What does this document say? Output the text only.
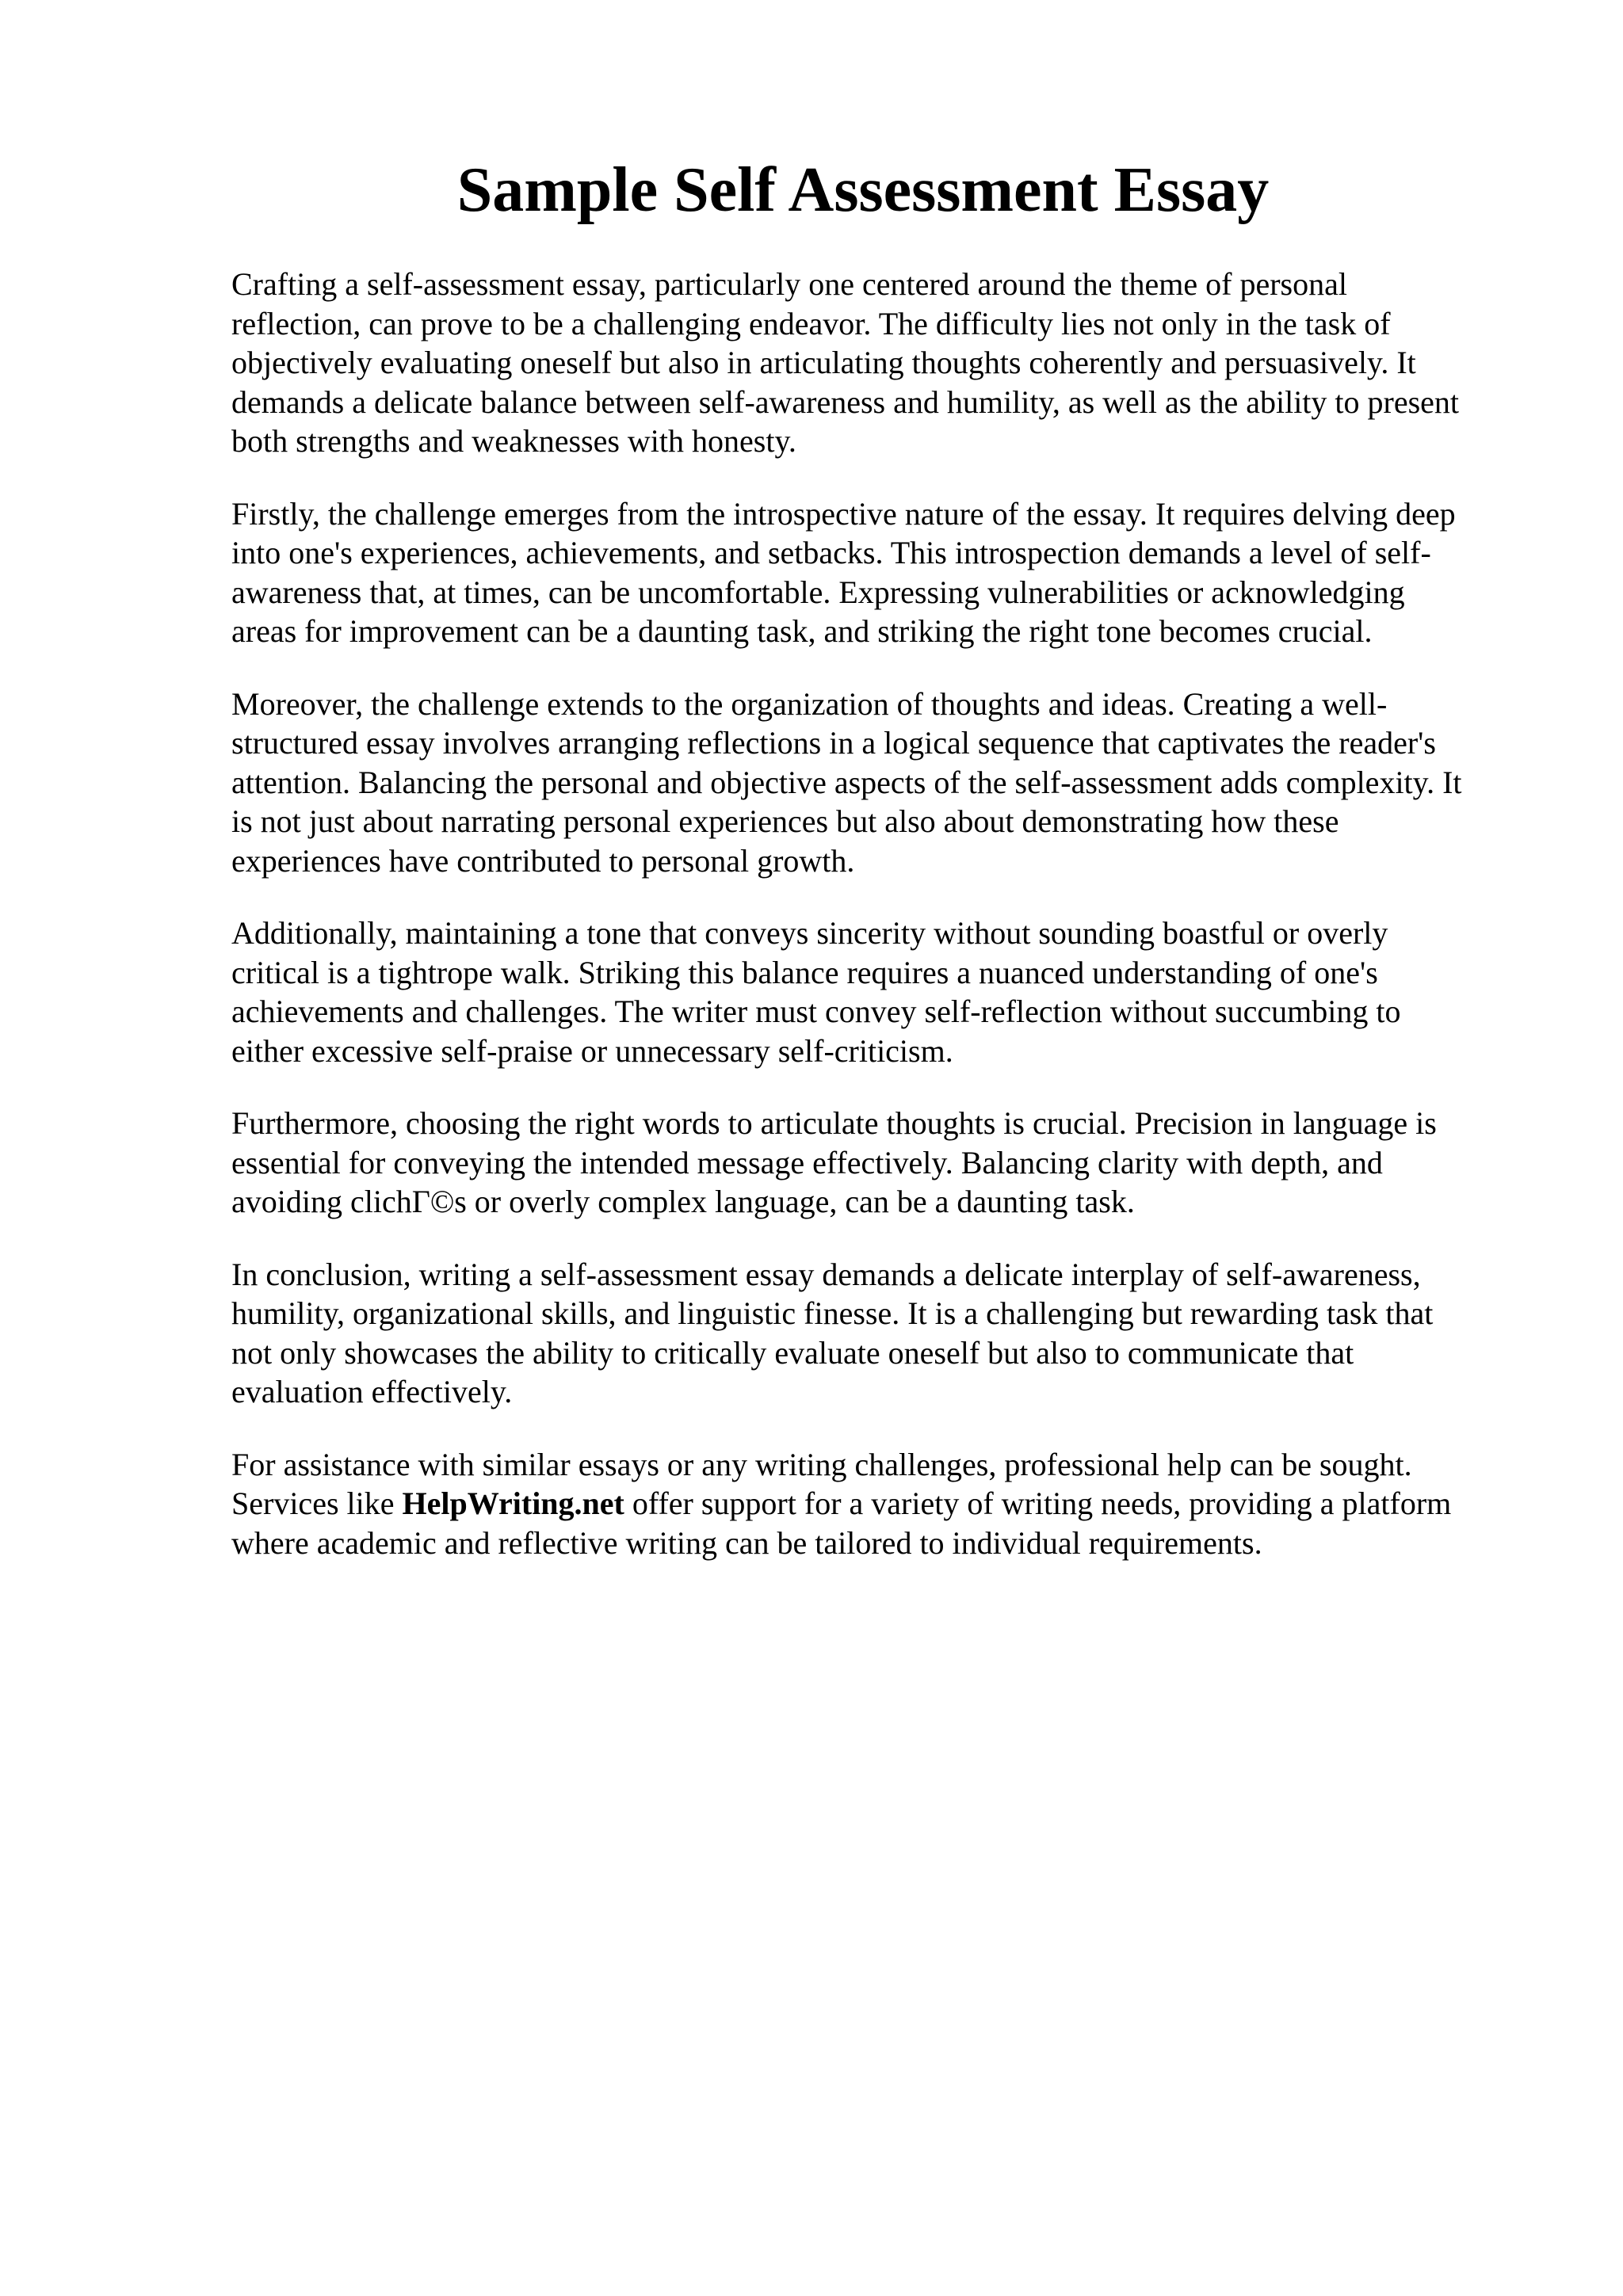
Sample Self Assessment Essay

Crafting a self-assessment essay, particularly one centered around the theme of personal
reflection, can prove to be a challenging endeavor. The difficulty lies not only in the task of
objectively evaluating oneself but also in articulating thoughts coherently and persuasively. It
demands a delicate balance between self-awareness and humility, as well as the ability to present
both strengths and weaknesses with honesty.

Firstly, the challenge emerges from the introspective nature of the essay. It requires delving deep
into one's experiences, achievements, and setbacks. This introspection demands a level of self-
awareness that, at times, can be uncomfortable. Expressing vulnerabilities or acknowledging
areas for improvement can be a daunting task, and striking the right tone becomes crucial.

Moreover, the challenge extends to the organization of thoughts and ideas. Creating a well-
structured essay involves arranging reflections in a logical sequence that captivates the reader's
attention. Balancing the personal and objective aspects of the self-assessment adds complexity. It
is not just about narrating personal experiences but also about demonstrating how these
experiences have contributed to personal growth.

Additionally, maintaining a tone that conveys sincerity without sounding boastful or overly
critical is a tightrope walk. Striking this balance requires a nuanced understanding of one's
achievements and challenges. The writer must convey self-reflection without succumbing to
either excessive self-praise or unnecessary self-criticism.

Furthermore, choosing the right words to articulate thoughts is crucial. Precision in language is
essential for conveying the intended message effectively. Balancing clarity with depth, and
avoiding clichΓ©s or overly complex language, can be a daunting task.

In conclusion, writing a self-assessment essay demands a delicate interplay of self-awareness,
humility, organizational skills, and linguistic finesse. It is a challenging but rewarding task that
not only showcases the ability to critically evaluate oneself but also to communicate that
evaluation effectively.

For assistance with similar essays or any writing challenges, professional help can be sought.
Services like HelpWriting.net offer support for a variety of writing needs, providing a platform
where academic and reflective writing can be tailored to individual requirements.
